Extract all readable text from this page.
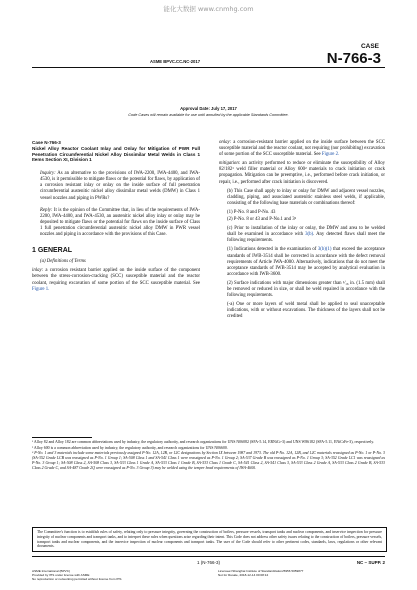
能化大数据 www.cnmhg.com
CASE
N-766-3
ASME BPVC.CC.NC-2017
Approval Date: July 17, 2017
Code Cases will remain available for use until annulled by the applicable Standards Committee.

Case N-766-3
Nickel Alloy Reactor Coolant Inlay and Onlay for Mitigation of PWR Full Penetration Circumferential Nickel Alloy Dissimilar Metal Welds in Class 1 Items Section XI, Division 1

Inquiry: As an alternative to the provisions of IWA-2200, IWA-4400, and IWA-4530, is it permissible to mitigate flaws or the potential for flaws, by application of a corrosion resistant inlay or onlay on the inside surface of full penetration circumferential austenitic nickel alloy dissimilar metal welds (DMW) in Class 1 vessel nozzles and piping in PWRs?

Reply: It is the opinion of the Committee that, in lieu of the requirements of IWA-2200, IWA-4400, and IWA-4530, an austenitic nickel alloy inlay or onlay may be deposited to mitigate flaws or the potential for flaws on the inside surface of Class 1 full penetration circumferential austenitic nickel alloy DMW in PWR vessel nozzles and piping in accordance with the provisions of this Case.

1 GENERAL

(a) Definitions of Terms

inlay: a corrosion resistant barrier applied on the inside surface of the component between the stress-corrosion-cracking (SCC) susceptible material and the reactor coolant, requiring excavation of some portion of the SCC susceptible material. See Figure 1.

onlay: a corrosion-resistant barrier applied on the inside surface between the SCC susceptible material and the reactor coolant, not requiring (nor prohibiting) excavation of some portion of the SCC susceptible material. See Figure 2.

mitigation: an activity performed to reduce or eliminate the susceptibility of Alloy 82/182¹ weld filler material or Alloy 600² materials to crack initiation or crack propagation. Mitigation can be preemptive, i.e., performed before crack initiation, or repair, i.e., performed after crack initiation is discovered.

(b) This Case shall apply to inlay or onlay for DMW and adjacent vessel nozzles, cladding, piping, and associated austenitic stainless steel welds, if applicable, consisting of the following base materials or combinations thereof:

(1) P-No. 8 and P-No. 43

(2) P-No. 8 or 43 and P-No.1 and 3³

(c) Prior to installation of the inlay or onlay, the DMW and area to be welded shall be examined in accordance with 3(b). Any detected flaws shall meet the following requirements.

(1) Indications detected in the examination of 3(b)(1) that exceed the acceptance standards of IWB-3514 shall be corrected in accordance with the defect removal requirements of Article IWA-4000. Alternatively, indications that do not meet the acceptance standards of IWB-3514 may be accepted by analytical evaluation in accordance with IWB-3600.

(2) Surface indications with major dimensions greater than ¹⁄₁₆ in. (1.5 mm) shall be removed or reduced in size, or shall be weld repaired in accordance with the following requirements.

(-a) One or more layers of weld metal shall be applied to seal unacceptable indications, with or without excavations. The thickness of the layers shall not be credited

¹ Alloy 82 and Alloy 182 are common abbreviations used by industry, the regulatory authority, and research organizations for UNS N06082 (SFA-5.14, ERNiCr-3) and UNS W86182 (SFA-5.11, ENiCrFe-3), respectively.

² Alloy 600 is a common abbreviation used by industry, the regulatory authority, and research organizations for UNS N06600.

³ P-No. 1 and 3 materials include some materials previously assigned P-No. 12A, 12B, or 12C designations by Section IX between 1987 and 1973. The old P-No. 12A, 12B, and 12C materials reassigned as P-No. 1 or P-No. 3 (SA-352 Grade LCB was reassigned as P-No. 1 Group 1; SA-508 Class 1 and SA-541 Class 1 were reassigned as P-No. 1 Group 2; SA-537 Grade B was reassigned as P-No. 1 Group 3; SA-352 Grade LC1 was reassigned as P-No. 3 Group 1; SA-508 Class 2, SA-508 Class 3, SA-533 Class 1 Grade A, SA-533 Class 1 Grade B, SA-533 Class 1 Grade C, SA-541 Class 2, SA-541 Class 3, SA-533 Class 2 Grade A, SA-533 Class 2 Grade B, SA-533 Class 2 Grade C, and SA-487 Grade 2Q were reassigned as P-No. 3 Group 3) may be welded using the temper bead requirements of IWA-4600.

The Committee's function is to establish rules of safety, relating only to pressure integrity, governing the construction of boilers, pressure vessels, transport tanks and nuclear components, and inservice inspection for pressure integrity of nuclear components and transport tanks, and to interpret these rules when questions arise regarding their intent. This Code does not address other safety issues relating to the construction of boilers, pressure vessels, transport tanks and nuclear components, and the inservice inspection of nuclear components and transport tanks. The user of the Code should refer to other pertinent codes, standards, laws, regulations or other relevant documents.
1 (N-766-3)	NC – SUPP. 2
ASME International (BPVC)
Provided by IHS under license with ASME
No reproduction or networking permitted without license from IHS
Licensee=Shanghai Institute of Standardization/5956 5059877
Not for Resale, 2018-12-14 00:08:12
